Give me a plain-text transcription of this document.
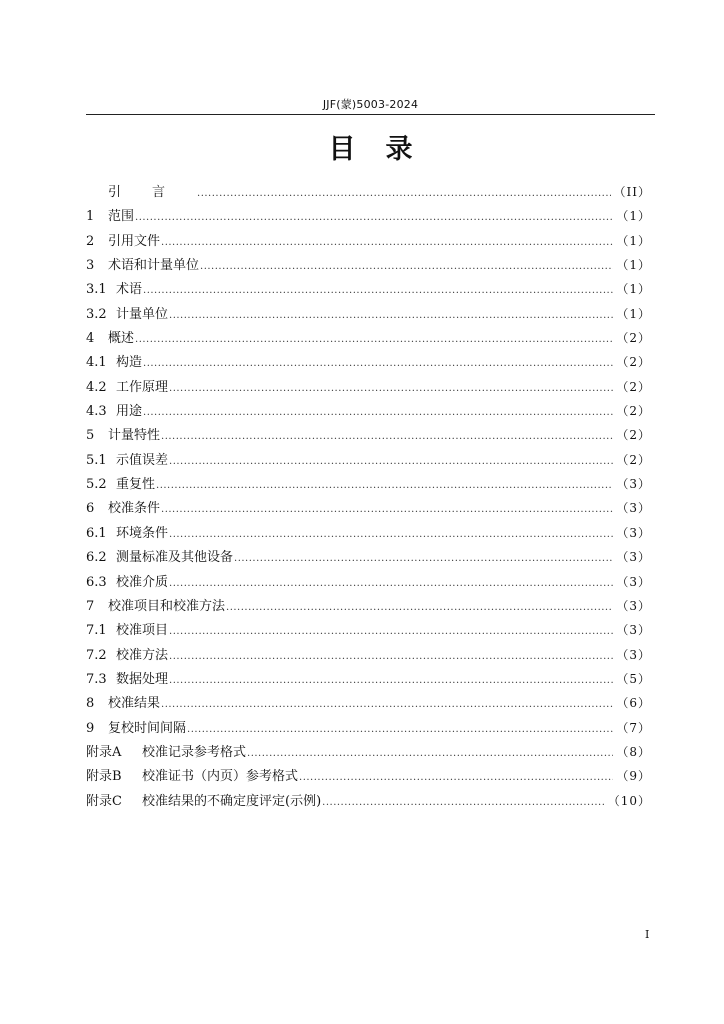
JJF(蒙)5003-2024
目录
引言 .....	（II）
1	范围 .....	（1）
2	引用文件 .....	（1）
3	术语和计量单位 .....	（1）
3.1 术语 .....	（1）
3.2 计量单位 .....	（1）
4	概述 .....	（2）
4.1 构造 .....	（2）
4.2 工作原理 .....	（2）
4.3 用途 .....	（2）
5	计量特性 .....	（2）
5.1 示值误差 .....	（2）
5.2 重复性 .....	（3）
6	校准条件 .....	（3）
6.1 环境条件 .....	（3）
6.2 测量标准及其他设备 .....	（3）
6.3 校准介质 .....	（3）
7	校准项目和校准方法 .....	（3）
7.1 校准项目 .....	（3）
7.2 校准方法 .....	（3）
7.3 数据处理 .....	（5）
8	校准结果 .....	（6）
9	复校时间间隔 .....	（7）
附录A	校准记录参考格式 .....	（8）
附录B	校准证书（内页）参考格式 .....	（9）
附录C	校准结果的不确定度评定(示例) .....	（10）
I
